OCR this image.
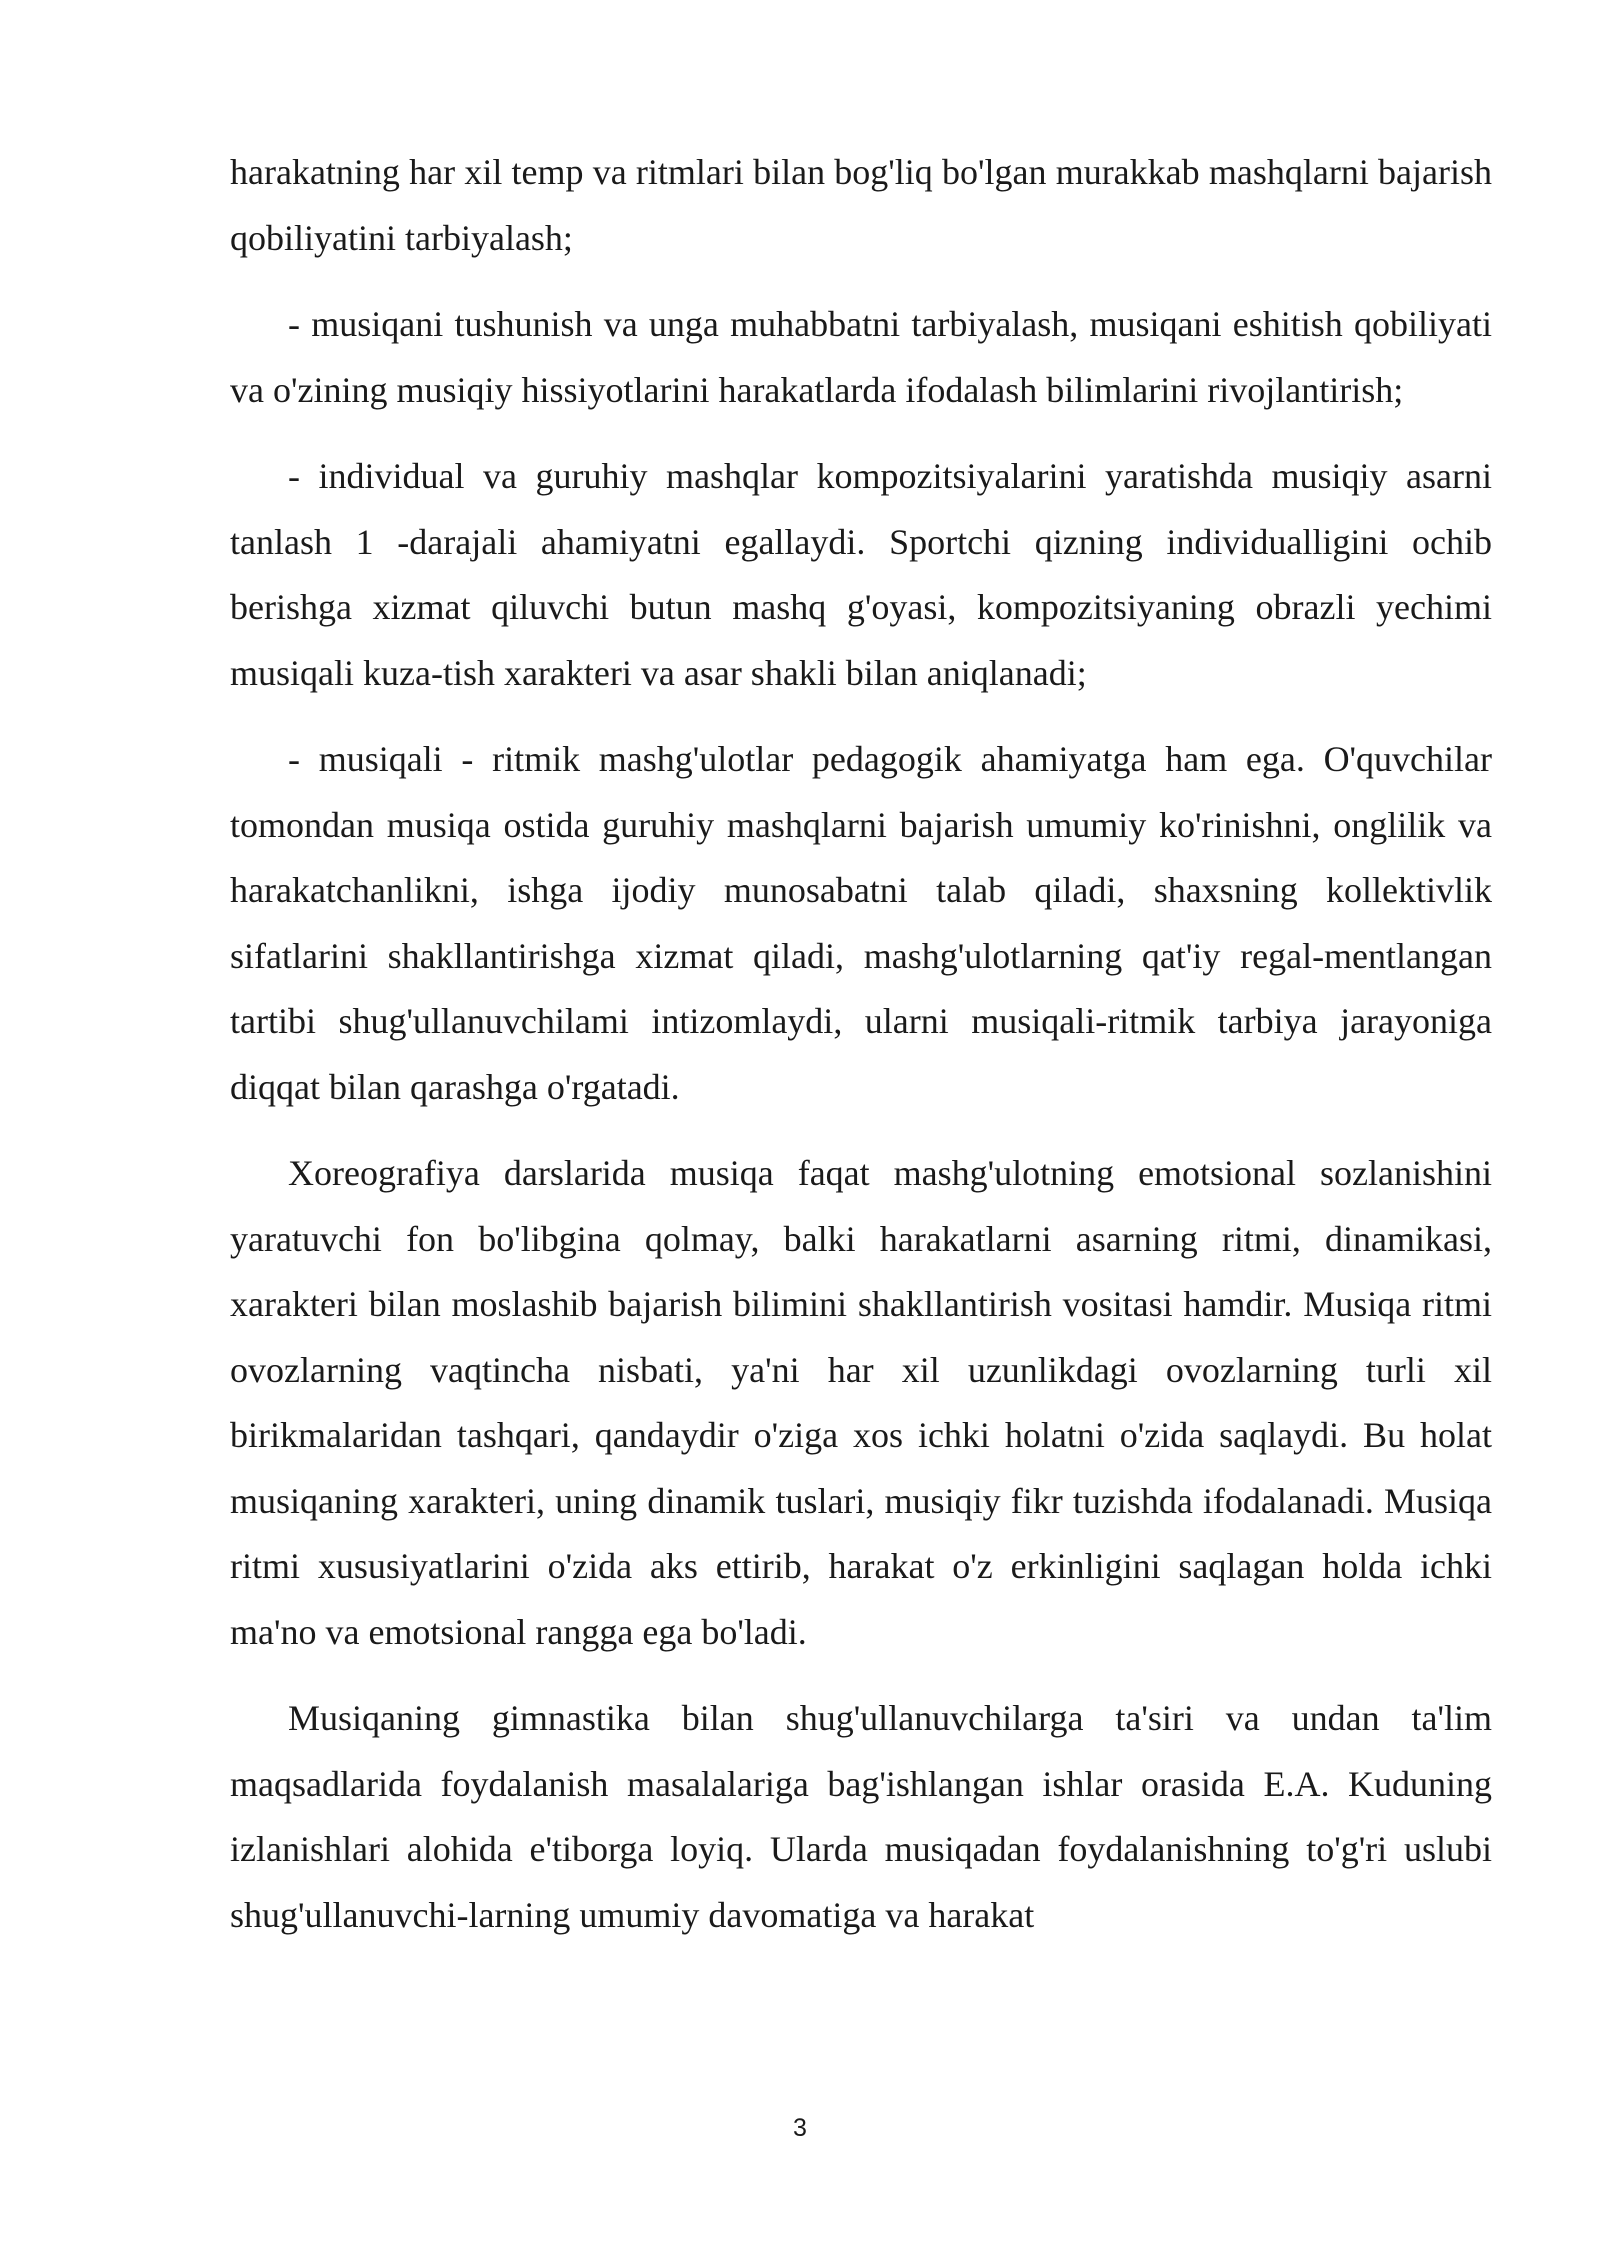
harakatning har xil temp va ritmlari bilan bog'liq bo'lgan murakkab mashqlarni bajarish qobiliyatini tarbiyalash;

- musiqani tushunish va unga muhabbatni tarbiyalash, musiqani eshitish qobiliyati va o'zining musiqiy hissiyotlarini harakatlarda ifodalash bilimlarini rivojlantirish;

- individual va guruhiy mashqlar kompozitsiyalarini yaratishda musiqiy asarni tanlash 1 -darajali ahamiyatni egallaydi. Sportchi qizning individualligini ochib berishga xizmat qiluvchi butun mashq g'oyasi, kompozitsiyaning obrazli yechimi musiqali kuza-tish xarakteri va asar shakli bilan aniqlanadi;

- musiqali - ritmik mashg'ulotlar pedagogik ahamiyatga ham ega. O'quvchilar tomondan musiqa ostida guruhiy mashqlarni bajarish umumiy ko'rinishni, onglilik va harakatchanlikni, ishga ijodiy munosabatni talab qiladi, shaxsning kollektivlik sifatlarini shakllantirishga xizmat qiladi, mashg'ulotlarning qat'iy regal-mentlangan tartibi shug'ullanuvchilami intizomlaydi, ularni musiqali-ritmik tarbiya jarayoniga diqqat bilan qarashga o'rgatadi.

Xoreografiya darslarida musiqa faqat mashg'ulotning emotsional sozlanishini yaratuvchi fon bo'libgina qolmay, balki harakatlarni asarning ritmi, dinamikasi, xarakteri bilan moslashib bajarish bilimini shakllantirish vositasi hamdir. Musiqa ritmi ovozlarning vaqtincha nisbati, ya'ni har xil uzunlikdagi ovozlarning turli xil birikmalaridan tashqari, qandaydir o'ziga xos ichki holatni o'zida saqlaydi. Bu holat musiqaning xarakteri, uning dinamik tuslari, musiqiy fikr tuzishda ifodalanadi. Musiqa ritmi xususiyatlarini o'zida aks ettirib, harakat o'z erkinligini saqlagan holda ichki ma'no va emotsional rangga ega bo'ladi.

Musiqaning gimnastika bilan shug'ullanuvchilarga ta'siri va undan ta'lim maqsadlarida foydalanish masalalariga bag'ishlangan ishlar orasida E.A. Kuduning izlanishlari alohida e'tiborga loyiq. Ularda musiqadan foydalanishning to'g'ri uslubi shug'ullanuvchi-larning umumiy davomatiga va harakat

3
